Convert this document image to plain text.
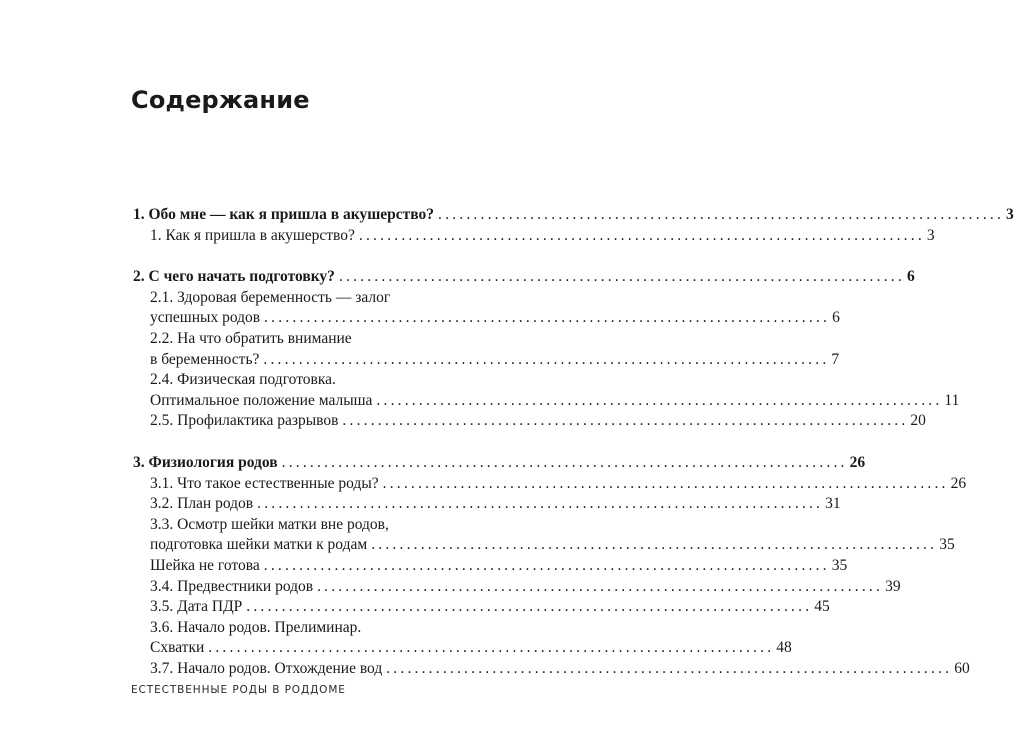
Содержание
1. Обо мне — как я пришла в акушерство? ................................................................................ 3
1. Как я пришла в акушерство? ................................................................................ 3
2. С чего начать подготовку? ................................................................................ 6
2.1. Здоровая беременность — залог
успешных родов ................................................................................ 6
2.2. На что обратить внимание
в беременность? ................................................................................ 7
2.4. Физическая подготовка.
Оптимальное положение малыша ................................................................................ 11
2.5. Профилактика разрывов ................................................................................ 20
3. Физиология родов ................................................................................ 26
3.1. Что такое естественные роды? ................................................................................ 26
3.2. План родов ................................................................................ 31
3.3. Осмотр шейки матки вне родов,
подготовка шейки матки к родам ................................................................................ 35
Шейка не готова ................................................................................ 35
3.4. Предвестники родов ................................................................................ 39
3.5. Дата ПДР ................................................................................ 45
3.6. Начало родов. Прелиминар.
Схватки ................................................................................ 48
3.7. Начало родов. Отхождение вод ................................................................................ 60
ЕСТЕСТВЕННЫЕ РОДЫ В РОДДОМЕ
